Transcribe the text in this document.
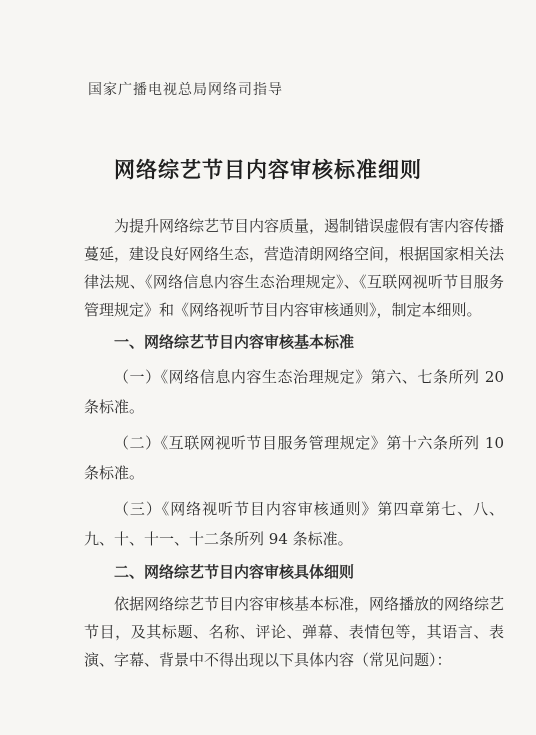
国家广播电视总局网络司指导
网络综艺节目内容审核标准细则

为提升网络综艺节目内容质量，遏制错误虚假有害内容传播蔓延，建设良好网络生态，营造清朗网络空间，根据国家相关法律法规、《网络信息内容生态治理规定》、《互联网视听节目服务管理规定》和《网络视听节目内容审核通则》，制定本细则。

一、网络综艺节目内容审核基本标准

（一）《网络信息内容生态治理规定》第六、七条所列 20 条标准。

（二）《互联网视听节目服务管理规定》第十六条所列 10 条标准。

（三）《网络视听节目内容审核通则》第四章第七、八、九、十、十一、十二条所列 94 条标准。

二、网络综艺节目内容审核具体细则

依据网络综艺节目内容审核基本标准，网络播放的网络综艺节目，及其标题、名称、评论、弹幕、表情包等，其语言、表演、字幕、背景中不得出现以下具体内容（常见问题）：
